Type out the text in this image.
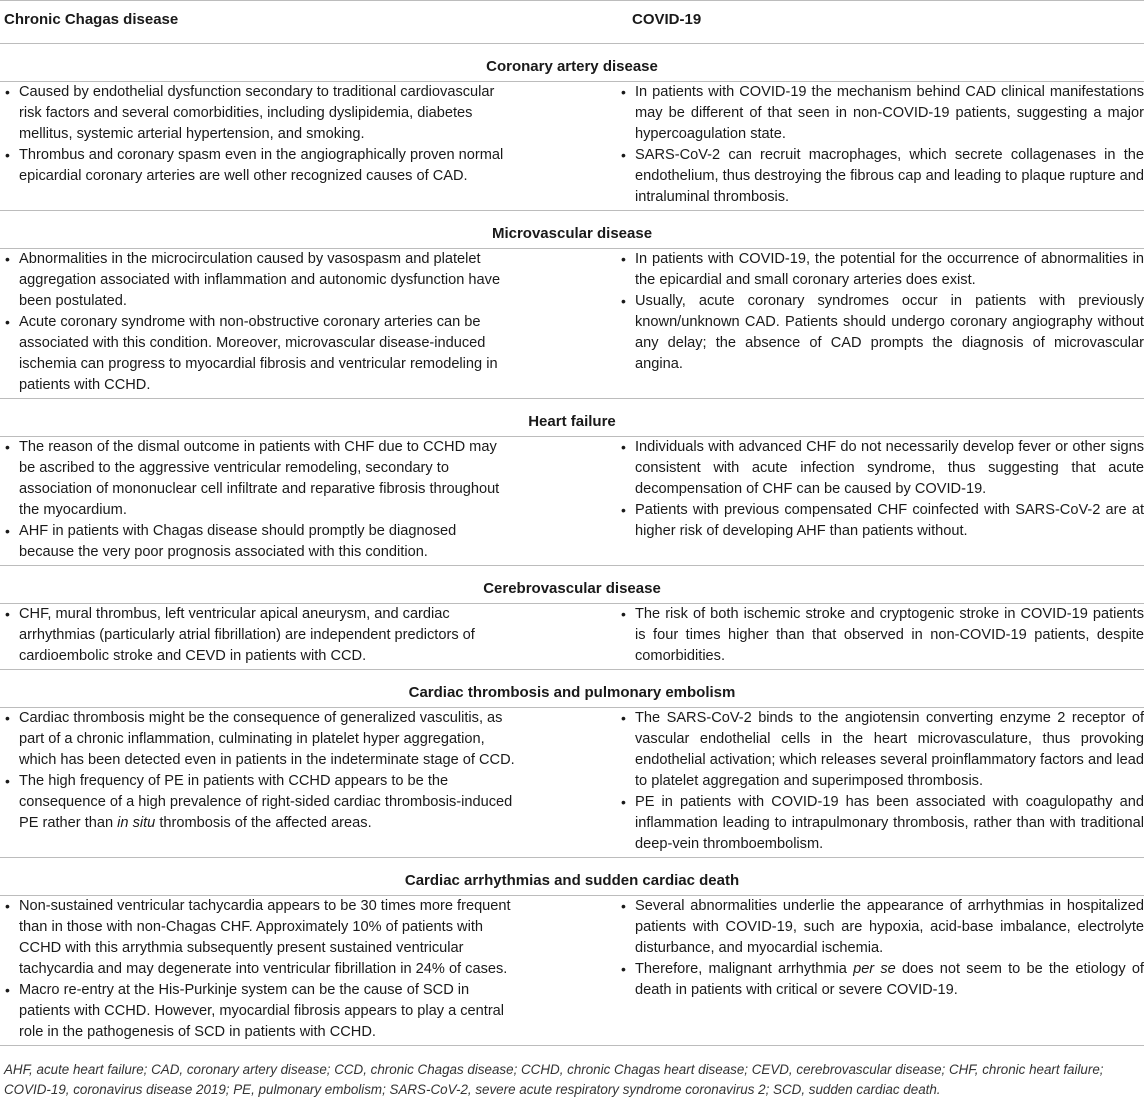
Chronic Chagas disease	COVID-19
Coronary artery disease
• Caused by endothelial dysfunction secondary to traditional cardiovascular risk factors and several comorbidities, including dyslipidemia, diabetes mellitus, systemic arterial hypertension, and smoking.
• Thrombus and coronary spasm even in the angiographically proven normal epicardial coronary arteries are well other recognized causes of CAD.
• In patients with COVID-19 the mechanism behind CAD clinical manifestations may be different of that seen in non-COVID-19 patients, suggesting a major hypercoagulation state.
• SARS-CoV-2 can recruit macrophages, which secrete collagenases in the endothelium, thus destroying the fibrous cap and leading to plaque rupture and intraluminal thrombosis.
Microvascular disease
• Abnormalities in the microcirculation caused by vasospasm and platelet aggregation associated with inflammation and autonomic dysfunction have been postulated.
• Acute coronary syndrome with non-obstructive coronary arteries can be associated with this condition. Moreover, microvascular disease-induced ischemia can progress to myocardial fibrosis and ventricular remodeling in patients with CCHD.
• In patients with COVID-19, the potential for the occurrence of abnormalities in the epicardial and small coronary arteries does exist.
• Usually, acute coronary syndromes occur in patients with previously known/unknown CAD. Patients should undergo coronary angiography without any delay; the absence of CAD prompts the diagnosis of microvascular angina.
Heart failure
• The reason of the dismal outcome in patients with CHF due to CCHD may be ascribed to the aggressive ventricular remodeling, secondary to association of mononuclear cell infiltrate and reparative fibrosis throughout the myocardium.
• AHF in patients with Chagas disease should promptly be diagnosed because the very poor prognosis associated with this condition.
• Individuals with advanced CHF do not necessarily develop fever or other signs consistent with acute infection syndrome, thus suggesting that acute decompensation of CHF can be caused by COVID-19.
• Patients with previous compensated CHF coinfected with SARS-CoV-2 are at higher risk of developing AHF than patients without.
Cerebrovascular disease
• CHF, mural thrombus, left ventricular apical aneurysm, and cardiac arrhythmias (particularly atrial fibrillation) are independent predictors of cardioembolic stroke and CEVD in patients with CCD.
• The risk of both ischemic stroke and cryptogenic stroke in COVID-19 patients is four times higher than that observed in non-COVID-19 patients, despite comorbidities.
Cardiac thrombosis and pulmonary embolism
• Cardiac thrombosis might be the consequence of generalized vasculitis, as part of a chronic inflammation, culminating in platelet hyper aggregation, which has been detected even in patients in the indeterminate stage of CCD.
• The high frequency of PE in patients with CCHD appears to be the consequence of a high prevalence of right-sided cardiac thrombosis-induced PE rather than in situ thrombosis of the affected areas.
• The SARS-CoV-2 binds to the angiotensin converting enzyme 2 receptor of vascular endothelial cells in the heart microvasculature, thus provoking endothelial activation; which releases several proinflammatory factors and lead to platelet aggregation and superimposed thrombosis.
• PE in patients with COVID-19 has been associated with coagulopathy and inflammation leading to intrapulmonary thrombosis, rather than with traditional deep-vein thromboembolism.
Cardiac arrhythmias and sudden cardiac death
• Non-sustained ventricular tachycardia appears to be 30 times more frequent than in those with non-Chagas CHF. Approximately 10% of patients with CCHD with this arrythmia subsequently present sustained ventricular tachycardia and may degenerate into ventricular fibrillation in 24% of cases.
• Macro re-entry at the His-Purkinje system can be the cause of SCD in patients with CCHD. However, myocardial fibrosis appears to play a central role in the pathogenesis of SCD in patients with CCHD.
• Several abnormalities underlie the appearance of arrhythmias in hospitalized patients with COVID-19, such are hypoxia, acid-base imbalance, electrolyte disturbance, and myocardial ischemia.
• Therefore, malignant arrhythmia per se does not seem to be the etiology of death in patients with critical or severe COVID-19.
AHF, acute heart failure; CAD, coronary artery disease; CCD, chronic Chagas disease; CCHD, chronic Chagas heart disease; CEVD, cerebrovascular disease; CHF, chronic heart failure; COVID-19, coronavirus disease 2019; PE, pulmonary embolism; SARS-CoV-2, severe acute respiratory syndrome coronavirus 2; SCD, sudden cardiac death.
